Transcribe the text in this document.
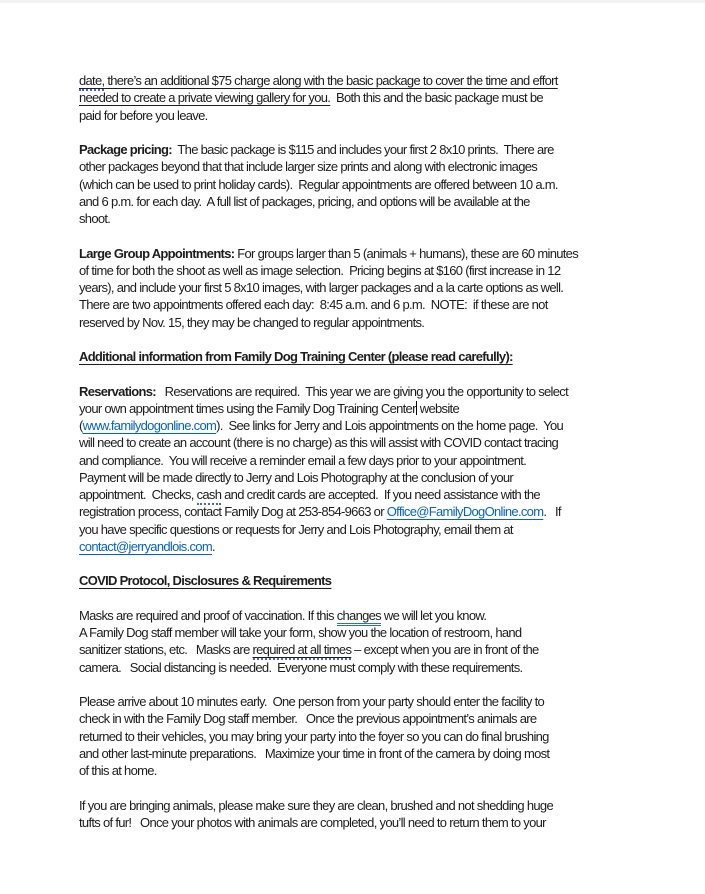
date, there’s an additional $75 charge along with the basic package to cover the time and effort
needed to create a private viewing gallery for you.  Both this and the basic package must be
paid for before you leave.
Package pricing:  The basic package is $115 and includes your first 2 8x10 prints.  There are
other packages beyond that that include larger size prints and along with electronic images
(which can be used to print holiday cards).  Regular appointments are offered between 10 a.m.
and 6 p.m. for each day.  A full list of packages, pricing, and options will be available at the
shoot.
Large Group Appointments: For groups larger than 5 (animals + humans), these are 60 minutes
of time for both the shoot as well as image selection.  Pricing begins at $160 (first increase in 12
years), and include your first 5 8x10 images, with larger packages and a la carte options as well.
There are two appointments offered each day:  8:45 a.m. and 6 p.m.  NOTE:  if these are not
reserved by Nov. 15, they may be changed to regular appointments.
Additional information from Family Dog Training Center (please read carefully):
Reservations:   Reservations are required.  This year we are giving you the opportunity to select
your own appointment times using the Family Dog Training Center website
(www.familydogonline.com).  See links for Jerry and Lois appointments on the home page.  You
will need to create an account (there is no charge) as this will assist with COVID contact tracing
and compliance.  You will receive a reminder email a few days prior to your appointment.
Payment will be made directly to Jerry and Lois Photography at the conclusion of your
appointment.  Checks, cash and credit cards are accepted.  If you need assistance with the
registration process, contact Family Dog at 253-854-9663 or Office@FamilyDogOnline.com.   If
you have specific questions or requests for Jerry and Lois Photography, email them at
contact@jerryandlois.com.
COVID Protocol, Disclosures & Requirements
Masks are required and proof of vaccination. If this changes we will let you know.
A Family Dog staff member will take your form, show you the location of restroom, hand
sanitizer stations, etc.   Masks are required at all times – except when you are in front of the
camera.   Social distancing is needed.  Everyone must comply with these requirements.
Please arrive about 10 minutes early.  One person from your party should enter the facility to
check in with the Family Dog staff member.   Once the previous appointment’s animals are
returned to their vehicles, you may bring your party into the foyer so you can do final brushing
and other last-minute preparations.   Maximize your time in front of the camera by doing most
of this at home.
If you are bringing animals, please make sure they are clean, brushed and not shedding huge
tufts of fur!   Once your photos with animals are completed, you’ll need to return them to your
